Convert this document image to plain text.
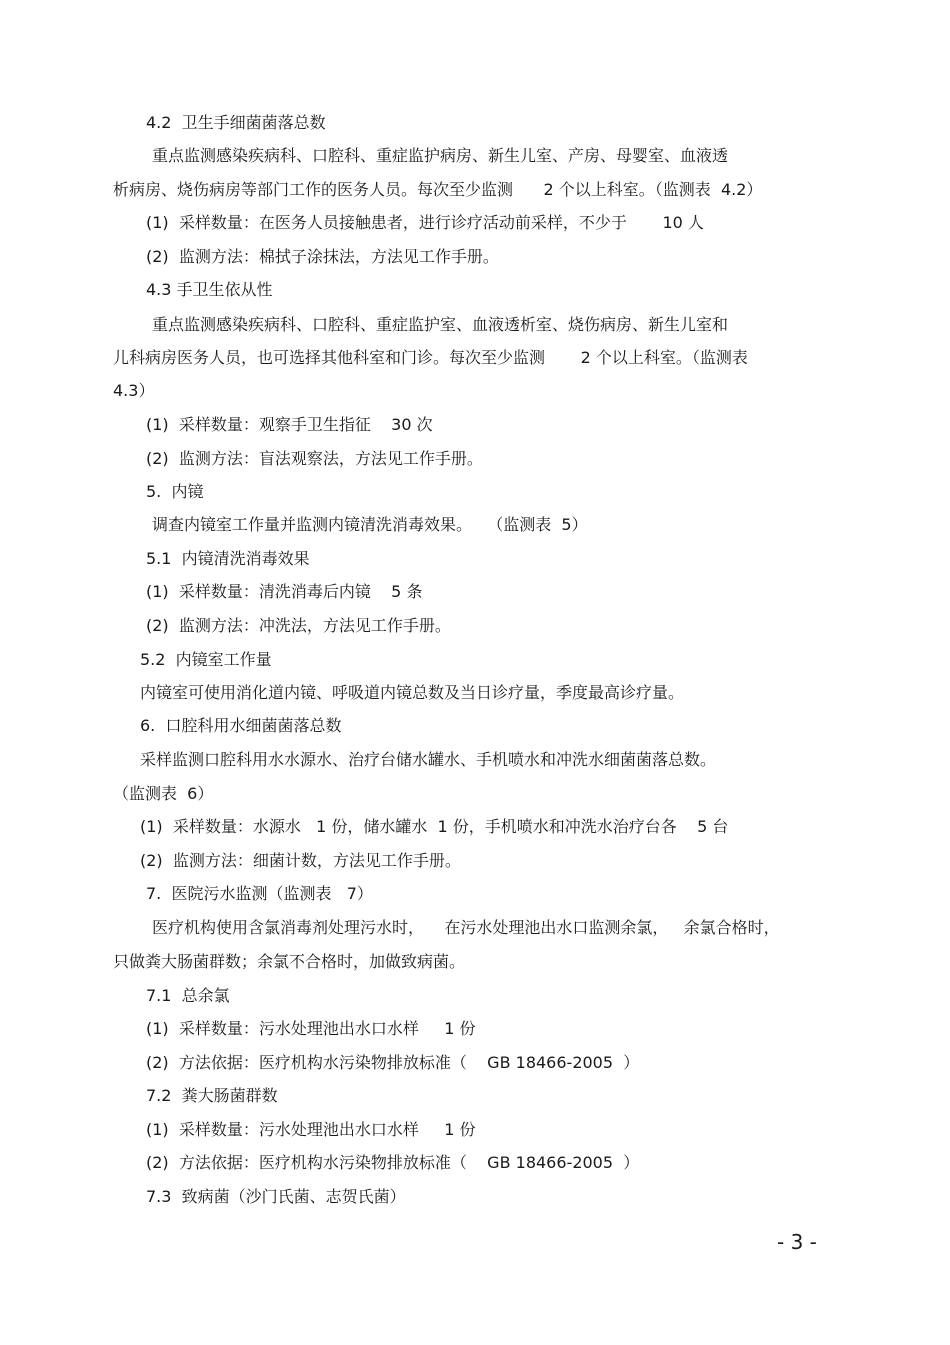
4.2  卫生手细菌菌落总数

重点监测感染疾病科、口腔科、重症监护病房、新生儿室、产房、母婴室、血液透

析病房、烧伤病房等部门工作的医务人员。每次至少监测      2 个以上科室。（监测表  4.2）

(1)  采样数量：在医务人员接触患者，进行诊疗活动前采样，不少于       10 人

(2)  监测方法：棉拭子涂抹法，方法见工作手册。

4.3 手卫生依从性

重点监测感染疾病科、口腔科、重症监护室、血液透析室、烧伤病房、新生儿室和

儿科病房医务人员，也可选择其他科室和门诊。每次至少监测       2 个以上科室。（监测表

4.3）

(1)  采样数量：观察手卫生指征    30 次

(2)  监测方法：盲法观察法，方法见工作手册。

5.  内镜

调查内镜室工作量并监测内镜清洗消毒效果。   （监测表  5）

5.1  内镜清洗消毒效果

(1)  采样数量：清洗消毒后内镜    5 条

(2)  监测方法：冲洗法，方法见工作手册。

5.2  内镜室工作量

内镜室可使用消化道内镜、呼吸道内镜总数及当日诊疗量，季度最高诊疗量。

6.  口腔科用水细菌菌落总数

采样监测口腔科用水水源水、治疗台储水罐水、手机喷水和冲洗水细菌菌落总数。

（监测表  6）

(1)  采样数量：水源水   1 份，储水罐水  1 份，手机喷水和冲洗水治疗台各    5 台

(2)  监测方法：细菌计数，方法见工作手册。

7.  医院污水监测（监测表   7）

医疗机构使用含氯消毒剂处理污水时，    在污水处理池出水口监测余氯，   余氯合格时，

只做粪大肠菌群数；余氯不合格时，加做致病菌。

7.1  总余氯

(1)  采样数量：污水处理池出水口水样     1 份

(2)  方法依据：医疗机构水污染物排放标准（    GB 18466-2005  ）

7.2  粪大肠菌群数

(1)  采样数量：污水处理池出水口水样     1 份

(2)  方法依据：医疗机构水污染物排放标准（    GB 18466-2005  ）

7.3  致病菌（沙门氏菌、志贺氏菌）

- 3 -
